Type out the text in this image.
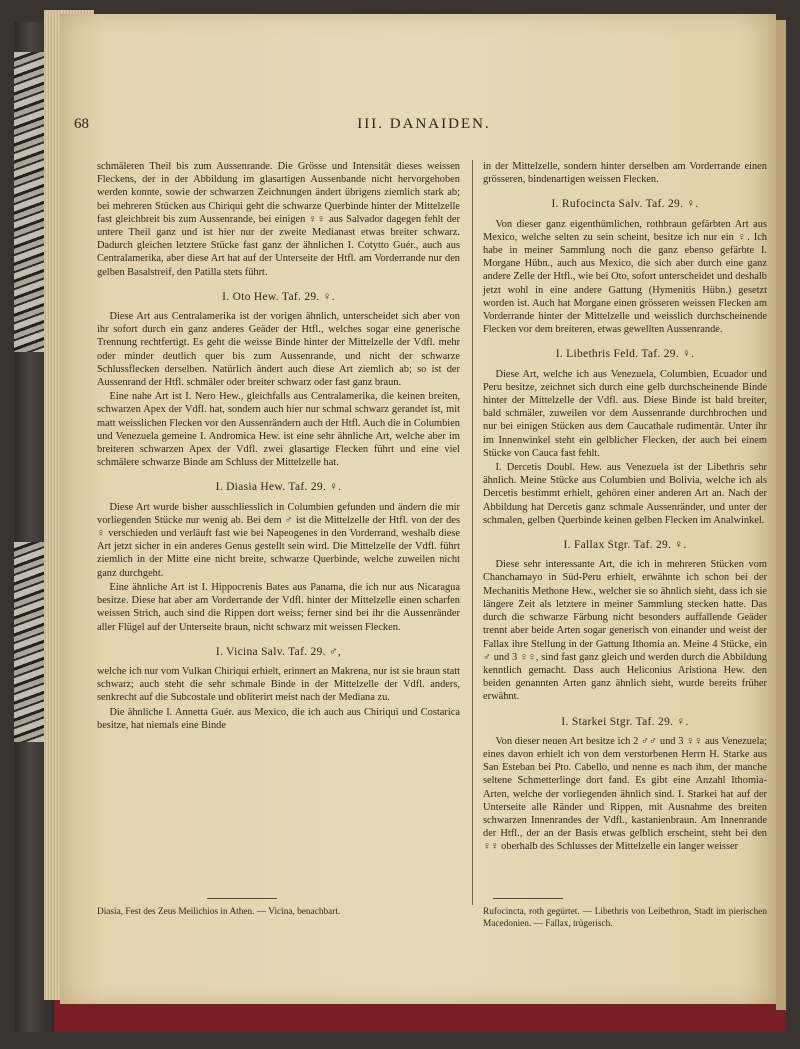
68	III. DANAIDEN.

schmäleren Theil bis zum Aussenrande. Die Grösse und Intensität dieses weissen Fleckens, der in der Abbildung im glasartigen Aussenbande nicht hervorgehoben werden konnte, sowie der schwarzen Zeichnungen ändert übrigens ziemlich stark ab; bei mehreren Stücken aus Chiriqui geht die schwarze Querbinde hinter der Mittelzelle fast gleichbreit bis zum Aussenrande, bei einigen ♀♀ aus Salvador dagegen fehlt der untere Theil ganz und ist hier nur der zweite Medianast etwas breiter schwarz. Dadurch gleichen letztere Stücke fast ganz der ähnlichen I. Cotytto Guér., auch aus Centralamerika, aber diese Art hat auf der Unterseite der Htfl. am Vorderrande nur den gelben Basalstreif, den Patilla stets führt.

I. Oto Hew. Taf. 29. ♀.

Diese Art aus Centralamerika ist der vorigen ähnlich, unterscheidet sich aber von ihr sofort durch ein ganz anderes Geäder der Htfl., welches sogar eine generische Trennung rechtfertigt. Es geht die weisse Binde hinter der Mittelzelle der Vdfl. mehr oder minder deutlich quer bis zum Aussenrande, und nicht der schwarze Schlussflecken derselben. Natürlich ändert auch diese Art ziemlich ab; so ist der Aussenrand der Htfl. schmäler oder breiter schwarz oder fast ganz braun.

Eine nahe Art ist I. Nero Hew., gleichfalls aus Centralamerika, die keinen breiten, schwarzen Apex der Vdfl. hat, sondern auch hier nur schmal schwarz gerandet ist, mit matt weisslichen Flecken vor den Aussenrändern auch der Htfl. Auch die in Columbien und Venezuela gemeine I. Andromica Hew. ist eine sehr ähnliche Art, welche aber im breiteren schwarzen Apex der Vdfl. zwei glasartige Flecken führt und eine viel schmälere schwarze Binde am Schluss der Mittelzelle hat.

I. Diasia Hew. Taf. 29. ♀.

Diese Art wurde bisher ausschliesslich in Columbien gefunden und ändern die mir vorliegenden Stücke nur wenig ab. Bei dem ♂ ist die Mittelzelle der Htfl. von der des ♀ verschieden und verläuft fast wie bei Napeogenes in den Vorderrand, weshalb diese Art jetzt sicher in ein anderes Genus gestellt sein wird. Die Mittelzelle der Vdfl. führt ziemlich in der Mitte eine nicht breite, schwarze Querbinde, welche zuweilen nicht ganz durchgeht.

Eine ähnliche Art ist I. Hippocrenis Bates aus Panama, die ich nur aus Nicaragua besitze. Diese hat aber am Vorderrande der Vdfl. hinter der Mittelzelle einen scharfen weissen Strich, auch sind die Rippen dort weiss; ferner sind bei ihr die Aussenränder aller Flügel auf der Unterseite braun, nicht schwarz mit weissen Flecken.

I. Vicina Salv. Taf. 29. ♂,

welche ich nur vom Vulkan Chiriqui erhielt, erinnert an Makrena, nur ist sie braun statt schwarz; auch steht die sehr schmale Binde in der Mittelzelle der Vdfl. anders, senkrecht auf die Subcostale und obliterirt meist nach der Mediana zu.

Die ähnliche I. Annetta Guér. aus Mexico, die ich auch aus Chiriqui und Costarica besitze, hat niemals eine Binde

in der Mittelzelle, sondern hinter derselben am Vorderrande einen grösseren, bindenartigen weissen Flecken.

I. Rufocincta Salv. Taf. 29. ♀.

Von dieser ganz eigenthümlichen, rothbraun gefärbten Art aus Mexico, welche selten zu sein scheint, besitze ich nur ein ♀. Ich habe in meiner Sammlung noch die ganz ebenso gefärbte I. Morgane Hübn., auch aus Mexico, die sich aber durch eine ganz andere Zelle der Htfl., wie bei Oto, sofort unterscheidet und deshalb jetzt wohl in eine andere Gattung (Hymenitis Hübn.) gesetzt worden ist. Auch hat Morgane einen grösseren weissen Flecken am Vorderrande hinter der Mittelzelle und weisslich durchscheinende Flecken vor dem breiteren, etwas gewellten Aussenrande.

I. Libethris Feld. Taf. 29. ♀.

Diese Art, welche ich aus Venezuela, Columbien, Ecuador und Peru besitze, zeichnet sich durch eine gelb durchscheinende Binde hinter der Mittelzelle der Vdfl. aus. Diese Binde ist bald breiter, bald schmäler, zuweilen vor dem Aussenrande durchbrochen und nur bei einigen Stücken aus dem Caucathale rudimentär. Unter ihr im Innenwinkel steht ein gelblicher Flecken, der auch bei einem Stücke von Cauca fast fehlt.

I. Dercetis Doubl. Hew. aus Venezuela ist der Libethris sehr ähnlich. Meine Stücke aus Columbien und Bolivia, welche ich als Dercetis bestimmt erhielt, gehören einer anderen Art an. Nach der Abbildung hat Dercetis ganz schmale Aussenränder, und unter der schmalen, gelben Querbinde keinen gelben Flecken im Analwinkel.

I. Fallax Stgr. Taf. 29. ♀.

Diese sehr interessante Art, die ich in mehreren Stücken vom Chanchamayo in Süd-Peru erhielt, erwähnte ich schon bei der Mechanitis Methone Hew., welcher sie so ähnlich sieht, dass ich sie längere Zeit als letztere in meiner Sammlung stecken hatte. Das durch die schwarze Färbung nicht besonders auffallende Geäder trennt aber beide Arten sogar generisch von einander und weist der Fallax ihre Stellung in der Gattung Ithomia an. Meine 4 Stücke, ein ♂ und 3 ♀♀, sind fast ganz gleich und werden durch die Abbildung kenntlich gemacht. Dass auch Heliconius Aristiona Hew. den beiden genannten Arten ganz ähnlich sieht, wurde bereits früher erwähnt.

I. Starkei Stgr. Taf. 29. ♀.

Von dieser neuen Art besitze ich 2 ♂♂ und 3 ♀♀ aus Venezuela; eines davon erhielt ich von dem verstorbenen Herrn H. Starke aus San Esteban bei Pto. Cabello, und nenne es nach ihm, der manche seltene Schmetterlinge dort fand. Es gibt eine Anzahl Ithomia-Arten, welche der vorliegenden ähnlich sind. I. Starkei hat auf der Unterseite alle Ränder und Rippen, mit Ausnahme des breiten schwarzen Innenrandes der Vdfl., kastanienbraun. Am Innenrande der Htfl., der an der Basis etwas gelblich erscheint, steht bei den ♀♀ oberhalb des Schlusses der Mittelzelle ein langer weisser

Diasia, Fest des Zeus Meilichios in Athen. — Vicina, benachbart.	Rufocincta, roth gegürtet. — Libethris von Leibethron, Stadt im pierischen Macedonien. — Fallax, trügerisch.
